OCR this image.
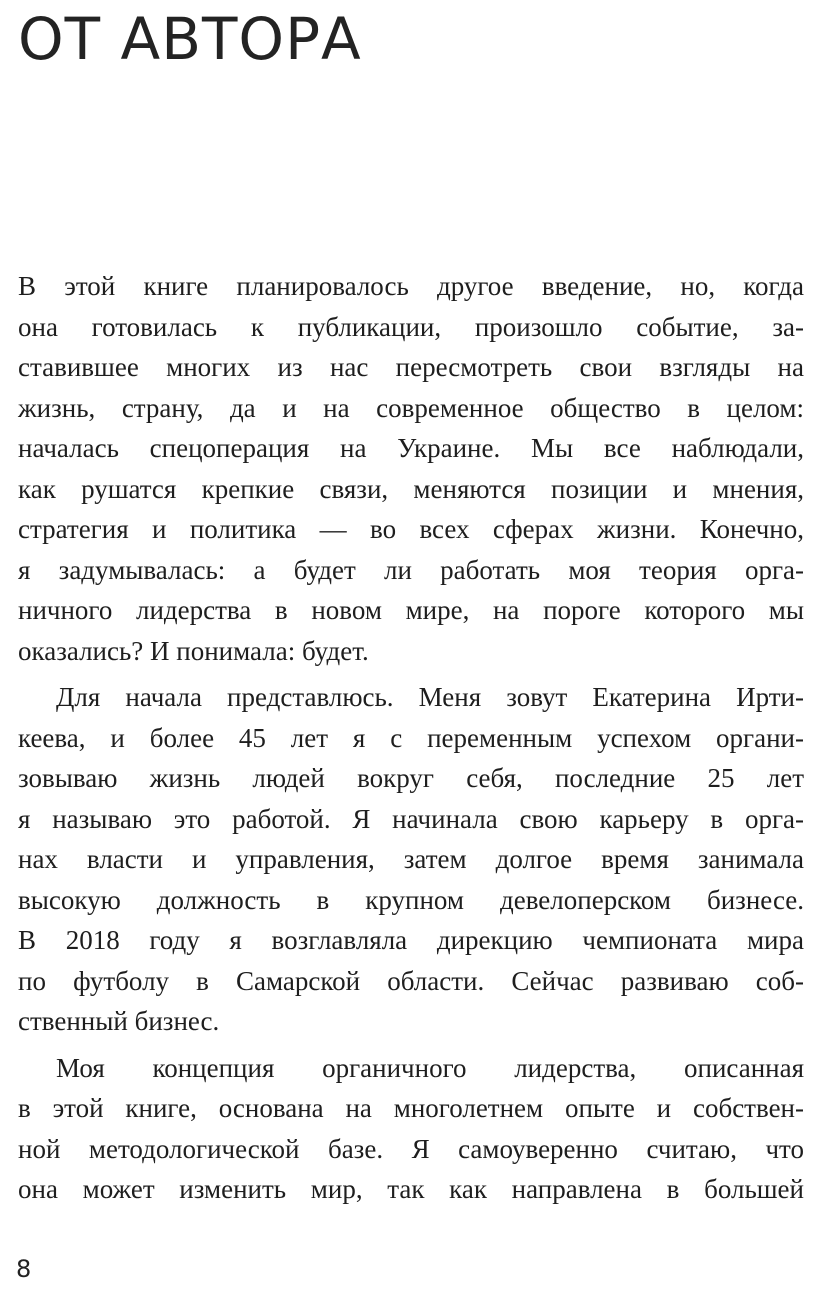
ОТ АВТОРА
В этой книге планировалось другое введение, но, когда
она готовилась к публикации, произошло событие, за-
ставившее многих из нас пересмотреть свои взгляды на
жизнь, страну, да и на современное общество в целом:
началась спецоперация на Украине. Мы все наблюдали,
как рушатся крепкие связи, меняются позиции и мнения,
стратегия и политика — во всех сферах жизни. Конечно,
я задумывалась: а будет ли работать моя теория орга-
ничного лидерства в новом мире, на пороге которого мы
оказались? И понимала: будет.
Для начала представлюсь. Меня зовут Екатерина Ирти-
кеева, и более 45 лет я с переменным успехом органи-
зовываю жизнь людей вокруг себя, последние 25 лет
я называю это работой. Я начинала свою карьеру в орга-
нах власти и управления, затем долгое время занимала
высокую должность в крупном девелоперском бизнесе.
В 2018 году я возглавляла дирекцию чемпионата мира
по футболу в Самарской области. Сейчас развиваю соб-
ственный бизнес.
Моя концепция органичного лидерства, описанная
в этой книге, основана на многолетнем опыте и собствен-
ной методологической базе. Я самоуверенно считаю, что
она может изменить мир, так как направлена в большей
8
